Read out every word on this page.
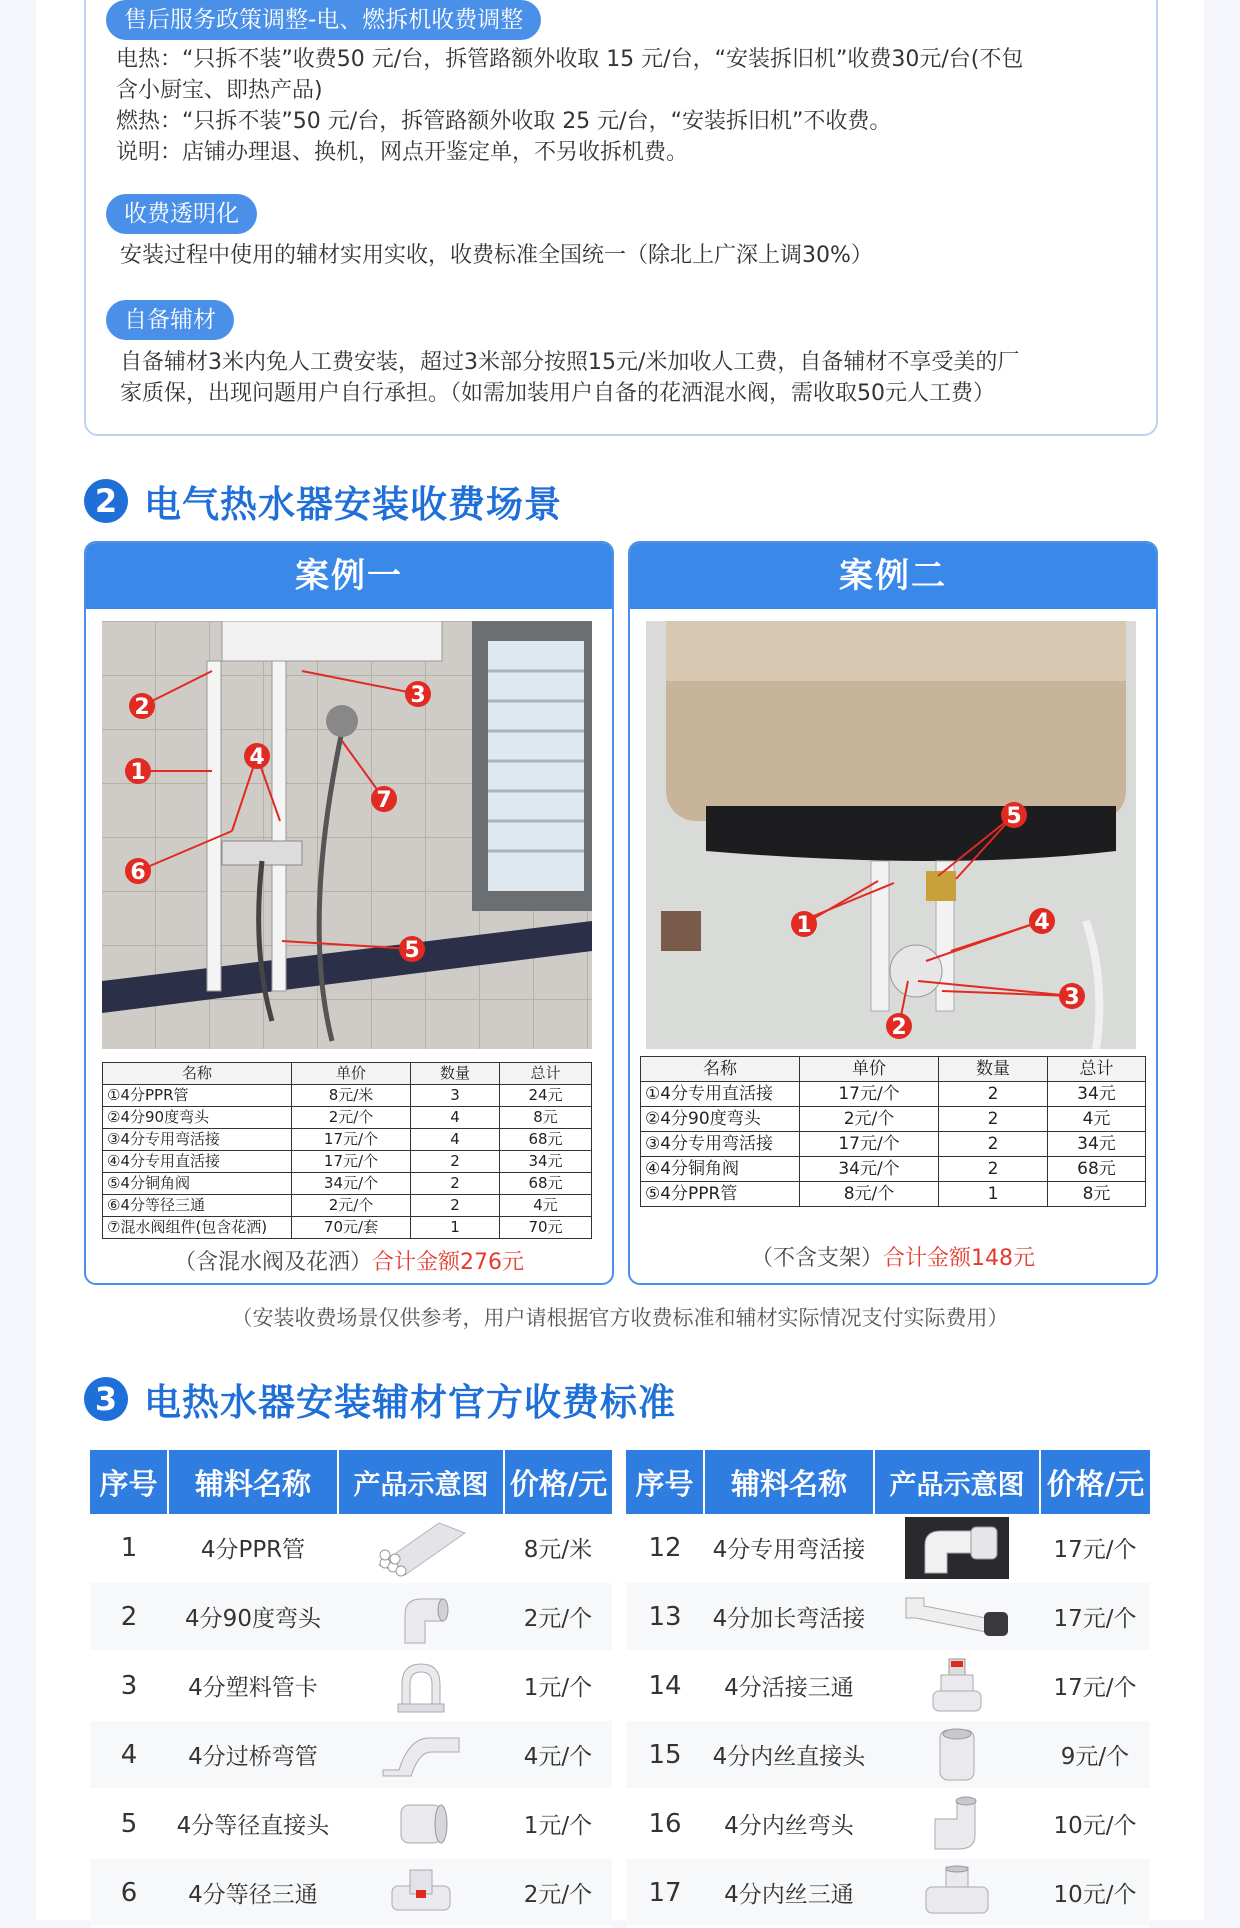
售后服务政策调整-电、燃拆机收费调整
电热：“只拆不装”收费50 元/台，拆管路额外收取 15 元/台，“安装拆旧机”收费30元/台(不包
含小厨宝、即热产品)
燃热：“只拆不装”50 元/台，拆管路额外收取 25 元/台，“安装拆旧机”不收费。
说明：店铺办理退、换机，网点开鉴定单，不另收拆机费。
收费透明化
安装过程中使用的辅材实用实收，收费标准全国统一（除北上广深上调30%）
自备辅材
自备辅材3米内免人工费安装，超过3米部分按照15元/米加收人工费，自备辅材不享受美的厂
家质保，出现问题用户自行承担。（如需加装用户自备的花洒混水阀，需收取50元人工费）
2 电气热水器安装收费场景
案例一
2
1
6
4
3
7
5
名称	单价	数量	总计
①4分PPR管	8元/米	3	24元
②4分90度弯头	2元/个	4	8元
③4分专用弯活接	17元/个	4	68元
④4分专用直活接	17元/个	2	34元
⑤4分铜角阀	34元/个	2	68元
⑥4分等径三通	2元/个	2	4元
⑦混水阀组件(包含花洒)	70元/套	1	70元
（含混水阀及花洒）合计金额276元
案例二
1
5
4
3
2
名称	单价	数量	总计
①4分专用直活接	17元/个	2	34元
②4分90度弯头	2元/个	2	4元
③4分专用弯活接	17元/个	2	34元
④4分铜角阀	34元/个	2	68元
⑤4分PPR管	8元/个	1	8元
（不含支架）合计金额148元
（安装收费场景仅供参考，用户请根据官方收费标准和辅材实际情况支付实际费用）
3 电热水器安装辅材官方收费标准
序号	辅料名称	产品示意图	价格/元
1	4分PPR管		8元/米
2	4分90度弯头		2元/个
3	4分塑料管卡		1元/个
4	4分过桥弯管		4元/个
5	4分等径直接头		1元/个
6	4分等径三通		2元/个
序号	辅料名称	产品示意图	价格/元
12	4分专用弯活接		17元/个
13	4分加长弯活接		17元/个
14	4分活接三通		17元/个
15	4分内丝直接头		9元/个
16	4分内丝弯头		10元/个
17	4分内丝三通		10元/个
